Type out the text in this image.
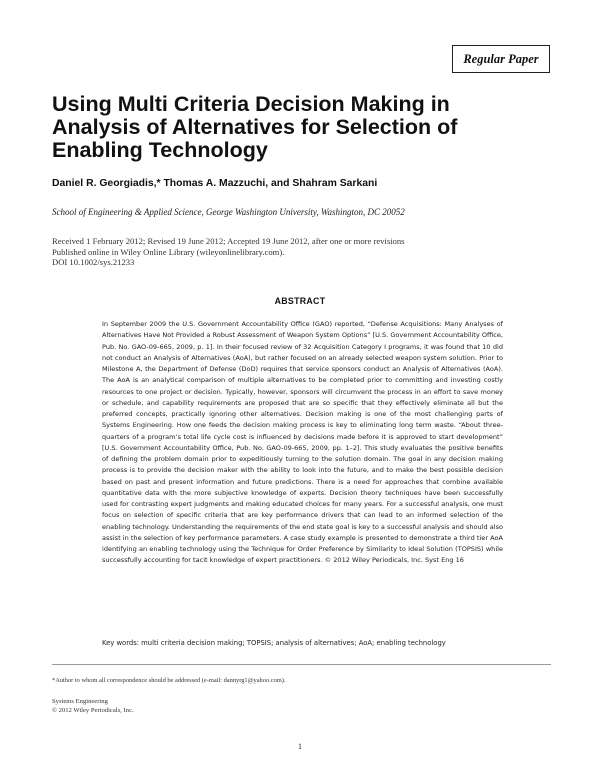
Regular Paper
Using Multi Criteria Decision Making in Analysis of Alternatives for Selection of Enabling Technology
Daniel R. Georgiadis,* Thomas A. Mazzuchi, and Shahram Sarkani
School of Engineering & Applied Science, George Washington University, Washington, DC 20052
Received 1 February 2012; Revised 19 June 2012; Accepted 19 June 2012, after one or more revisions
Published online in Wiley Online Library (wileyonlinelibrary.com).
DOI 10.1002/sys.21233
ABSTRACT

In September 2009 the U.S. Government Accountability Office (GAO) reported, “Defense Acquisitions: Many Analyses of Alternatives Have Not Provided a Robust Assessment of Weapon System Options” [U.S. Government Accountability Office, Pub. No. GAO-09-665, 2009, p. 1]. In their focused review of 32 Acquisition Category I programs, it was found that 10 did not conduct an Analysis of Alternatives (AoA), but rather focused on an already selected weapon system solution. Prior to Milestone A, the Department of Defense (DoD) requires that service sponsors conduct an Analysis of Alternatives (AoA). The AoA is an analytical comparison of multiple alternatives to be completed prior to committing and investing costly resources to one project or decision. Typically, however, sponsors will circumvent the process in an effort to save money or schedule, and capability requirements are proposed that are so specific that they effectively eliminate all but the preferred concepts, practically ignoring other alternatives. Decision making is one of the most challenging parts of Systems Engineering. How one feeds the decision making process is key to eliminating long term waste. “About three-quarters of a program’s total life cycle cost is influenced by decisions made before it is approved to start development” [U.S. Government Accountability Office, Pub. No. GAO-09-665, 2009, pp. 1–2]. This study evaluates the positive benefits of defining the problem domain prior to expeditiously turning to the solution domain. The goal in any decision making process is to provide the decision maker with the ability to look into the future, and to make the best possible decision based on past and present information and future predictions. There is a need for approaches that combine available quantitative data with the more subjective knowledge of experts. Decision theory techniques have been successfully used for contrasting expert judgments and making educated choices for many years. For a successful analysis, one must focus on selection of specific criteria that are key performance drivers that can lead to an informed selection of the enabling technology. Understanding the requirements of the end state goal is key to a successful analysis and should also assist in the selection of key performance parameters. A case study example is presented to demonstrate a third tier AoA identifying an enabling technology using the Technique for Order Preference by Similarity to Ideal Solution (TOPSIS) while successfully accounting for tacit knowledge of expert practitioners. © 2012 Wiley Periodicals, Inc. Syst Eng 16

Key words: multi criteria decision making; TOPSIS; analysis of alternatives; AoA; enabling technology
*Author to whom all correspondence should be addressed (e-mail: dannyrg1@yahoo.com).
Systems Engineering
© 2012 Wiley Periodicals, Inc.
1
